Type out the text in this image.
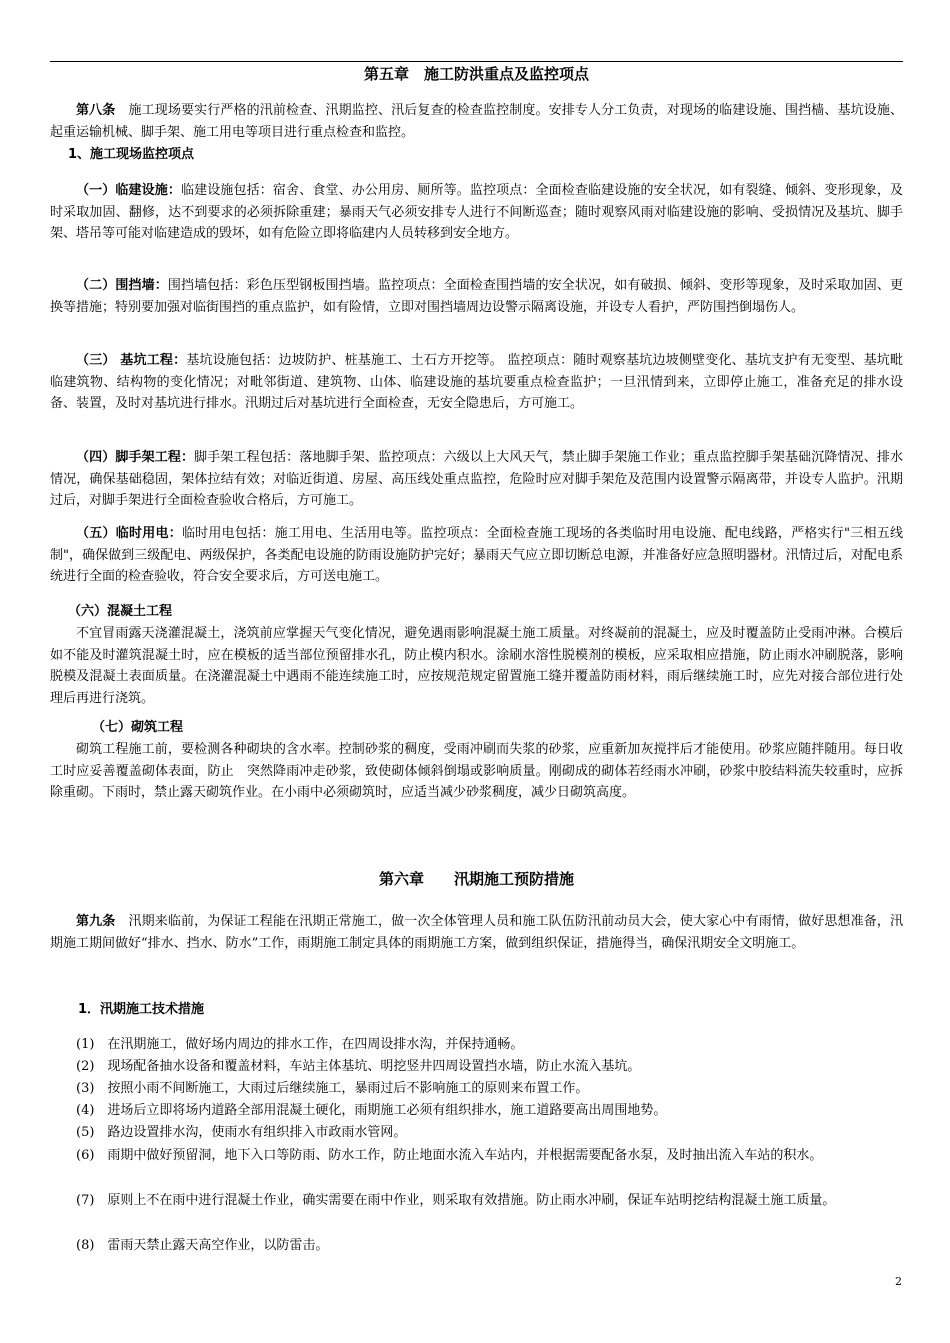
第五章　施工防洪重点及监控项点

第八条　施工现场要实行严格的汛前检查、汛期监控、汛后复查的检查监控制度。安排专人分工负责，对现场的临建设施、围挡樯、基坑设施、起重运输机械、脚手架、施工用电等项目进行重点检查和监控。

1、施工现场监控项点

（一）临建设施：临建设施包括：宿舍、食堂、办公用房、厕所等。监控项点：全面检查临建设施的安全状况，如有裂缝、倾斜、变形现象，及时采取加固、翻修，达不到要求的必须拆除重建；暴雨天气必须安排专人进行不间断巡查；随时观察风雨对临建设施的影响、受损情况及基坑、脚手架、塔吊等可能对临建造成的毁坏，如有危险立即将临建内人员转移到安全地方。

（二）围挡墙：围挡墙包括：彩色压型钢板围挡墙。监控项点：全面检查围挡墙的安全状况，如有破损、倾斜、变形等现象，及时采取加固、更换等措施；特别要加强对临街围挡的重点监护，如有险情，立即对围挡墙周边设警示隔离设施，并设专人看护，严防围挡倒塌伤人。

（三） 基坑工程：基坑设施包括：边坡防护、桩基施工、土石方开挖等。 监控项点：随时观察基坑边坡侧壁变化、基坑支护有无变型、基坑毗临建筑物、结构物的变化情况；对毗邻街道、建筑物、山体、临建设施的基坑要重点检查监护；一旦汛情到来，立即停止施工，准备充足的排水设备、装置，及时对基坑进行排水。汛期过后对基坑进行全面检查，无安全隐患后，方可施工。

（四）脚手架工程：脚手架工程包括：落地脚手架、监控项点：六级以上大风天气，禁止脚手架施工作业；重点监控脚手架基础沉降情况、排水情况，确保基础稳固，架体拉结有效；对临近街道、房屋、高压线处重点监控，危险时应对脚手架危及范围内设置警示隔离带，并设专人监护。汛期过后，对脚手架进行全面检查验收合格后，方可施工。

（五）临时用电：临时用电包括：施工用电、生活用电等。监控项点：全面检查施工现场的各类临时用电设施、配电线路，严格实行"三相五线制"，确保做到三级配电、两级保护，各类配电设施的防雨设施防护完好；暴雨天气应立即切断总电源，并准备好应急照明器材。汛情过后，对配电系统进行全面的检查验收，符合安全要求后，方可送电施工。

（六）混凝土工程

不宜冒雨露天浇灌混凝土，浇筑前应掌握天气变化情况，避免遇雨影响混凝土施工质量。对终凝前的混凝土，应及时覆盖防止受雨冲淋。合模后如不能及时灌筑混凝土时，应在模板的适当部位预留排水孔，防止模内积水。涂刷水溶性脱模剂的模板，应采取相应措施，防止雨水冲刷脱落，影响脱模及混凝土表面质量。在浇灌混凝土中遇雨不能连续施工时，应按规范规定留置施工缝并覆盖防雨材料，雨后继续施工时，应先对接合部位进行处理后再进行浇筑。

（七）砌筑工程

砌筑工程施工前，要检测各种砌块的含水率。控制砂浆的稠度，受雨冲刷而失浆的砂浆，应重新加灰搅拌后才能使用。砂浆应随拌随用。每日收工时应妥善覆盖砌体表面，防止　突然降雨冲走砂浆，致使砌体倾斜倒塌或影响质量。刚砌成的砌体若经雨水冲刷，砂浆中胶结料流失较重时，应拆除重砌。下雨时，禁止露天砌筑作业。在小雨中必须砌筑时，应适当减少砂浆稠度，减少日砌筑高度。

第六章　　汛期施工预防措施

第九条　汛期来临前，为保证工程能在汛期正常施工，做一次全体管理人员和施工队伍防汛前动员大会，使大家心中有雨情，做好思想准备，汛期施工期间做好“排水、挡水、防水”工作，雨期施工制定具体的雨期施工方案，做到组织保证，措施得当，确保汛期安全文明施工。

1．汛期施工技术措施

(1)　在汛期施工，做好场内周边的排水工作，在四周设排水沟，并保持通畅。

(2)　现场配备抽水设备和覆盖材料，车站主体基坑、明挖竖井四周设置挡水墙，防止水流入基坑。

(3)　按照小雨不间断施工，大雨过后继续施工，暴雨过后不影响施工的原则来布置工作。

(4)　进场后立即将场内道路全部用混凝土硬化，雨期施工必须有组织排水，施工道路要高出周围地势。

(5)　路边设置排水沟，使雨水有组织排入市政雨水管网。

(6)　雨期中做好预留洞，地下入口等防雨、防水工作，防止地面水流入车站内，并根据需要配备水泵，及时抽出流入车站的积水。

(7)　原则上不在雨中进行混凝土作业，确实需要在雨中作业，则采取有效措施。防止雨水冲刷，保证车站明挖结构混凝土施工质量。

(8)　雷雨天禁止露天高空作业，以防雷击。

2
